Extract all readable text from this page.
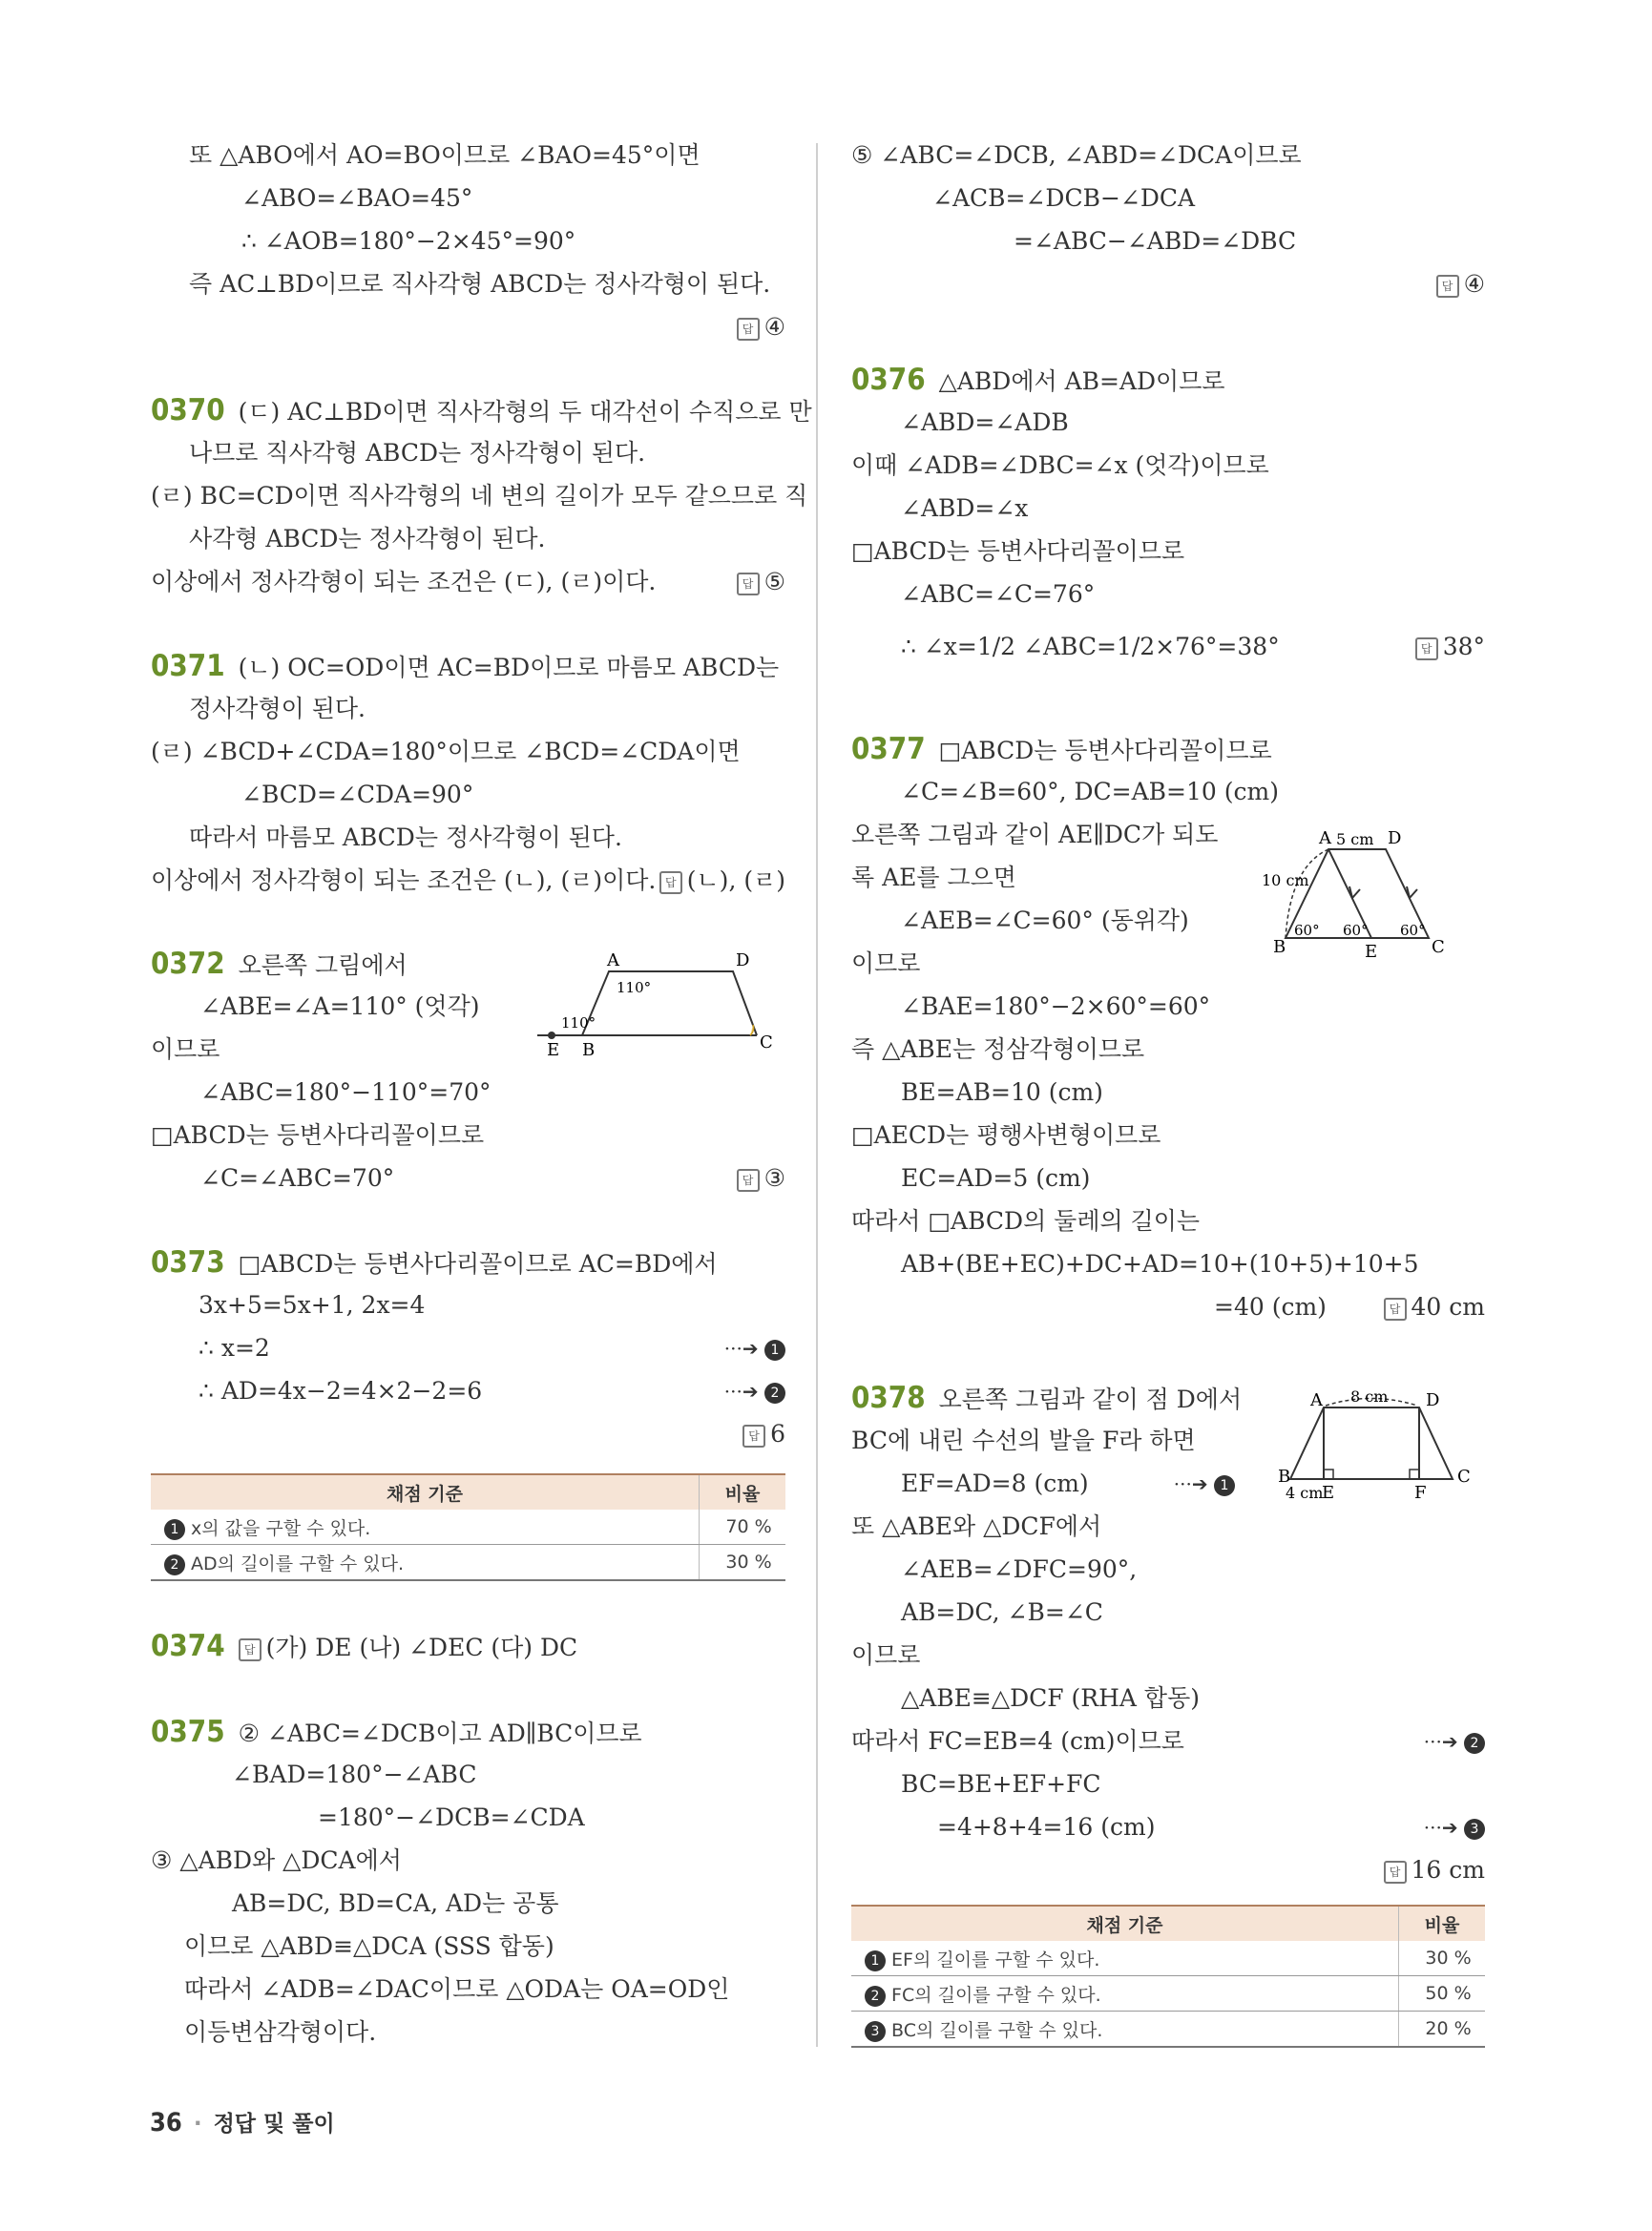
또 △ABO에서 AO=BO이므로 ∠BAO=45°이면
∠ABO=∠BAO=45°
∴ ∠AOB=180°−2×45°=90°
즉 AC⊥BD이므로 직사각형 ABCD는 정사각형이 된다.
답 ④
0370 (ㄷ) AC⊥BD이면 직사각형의 두 대각선이 수직으로 만
나므로 직사각형 ABCD는 정사각형이 된다.
(ㄹ) BC=CD이면 직사각형의 네 변의 길이가 모두 같으므로 직
사각형 ABCD는 정사각형이 된다.
이상에서 정사각형이 되는 조건은 (ㄷ), (ㄹ)이다.	답 ⑤
0371 (ㄴ) OC=OD이면 AC=BD이므로 마름모 ABCD는
정사각형이 된다.
(ㄹ) ∠BCD+∠CDA=180°이므로 ∠BCD=∠CDA이면
∠BCD=∠CDA=90°
따라서 마름모 ABCD는 정사각형이 된다.
이상에서 정사각형이 되는 조건은 (ㄴ), (ㄹ)이다. 답 (ㄴ), (ㄹ)
0372 오른쪽 그림에서
∠ABE=∠A=110° (엇각)
이므로
∠ABC=180°−110°=70°
□ABCD는 등변사다리꼴이므로
∠C=∠ABC=70°	답 ③
A	D
B	C
E
110°
110°
0373 □ABCD는 등변사다리꼴이므로 AC=BD에서
3x+5=5x+1, 2x=4
∴ x=2	···➔ 1
∴ AD=4x−2=4×2−2=6	···➔ 2
답 6
채점 기준	비율
1 x의 값을 구할 수 있다.	70 %
2 AD의 길이를 구할 수 있다.	30 %
0374 답 (가) DE (나) ∠DEC (다) DC
0375 ② ∠ABC=∠DCB이고 AD∥BC이므로
∠BAD=180°−∠ABC
=180°−∠DCB=∠CDA
③ △ABD와 △DCA에서
AB=DC, BD=CA, AD는 공통
이므로 △ABD≡△DCA (SSS 합동)
따라서 ∠ADB=∠DAC이므로 △ODA는 OA=OD인
이등변삼각형이다.
⑤ ∠ABC=∠DCB, ∠ABD=∠DCA이므로
∠ACB=∠DCB−∠DCA
=∠ABC−∠ABD=∠DBC
답 ④
0376 △ABD에서 AB=AD이므로
∠ABD=∠ADB
이때 ∠ADB=∠DBC=∠x (엇각)이므로
∠ABD=∠x
□ABCD는 등변사다리꼴이므로
∠ABC=∠C=76°
∴ ∠x=1/2 ∠ABC=1/2×76°=38°	답 38°
0377 □ABCD는 등변사다리꼴이므로
∠C=∠B=60°, DC=AB=10 (cm)
오른쪽 그림과 같이 AE∥DC가 되도
록 AE를 그으면
∠AEB=∠C=60° (동위각)
이므로
∠BAE=180°−2×60°=60°
즉 △ABE는 정삼각형이므로
BE=AB=10 (cm)
□AECD는 평행사변형이므로
EC=AD=5 (cm)
따라서 □ABCD의 둘레의 길이는
AB+(BE+EC)+DC+AD=10+(10+5)+10+5
=40 (cm)	답 40 cm
A	D
B	C
E
5 cm
10 cm
60° 60° 60°
0378 오른쪽 그림과 같이 점 D에서
BC에 내린 수선의 발을 F라 하면
EF=AD=8 (cm)	···➔ 1
또 △ABE와 △DCF에서
∠AEB=∠DFC=90°,
AB=DC, ∠B=∠C
이므로
△ABE≡△DCF (RHA 합동)
따라서 FC=EB=4 (cm)이므로	···➔ 2
BC=BE+EF+FC
=4+8+4=16 (cm)	···➔ 3
답 16 cm
A	D
B	C
E	F
8 cm
4 cm
채점 기준	비율
1 EF의 길이를 구할 수 있다.	30 %
2 FC의 길이를 구할 수 있다.	50 %
3 BC의 길이를 구할 수 있다.	20 %
36 · 정답 및 풀이
